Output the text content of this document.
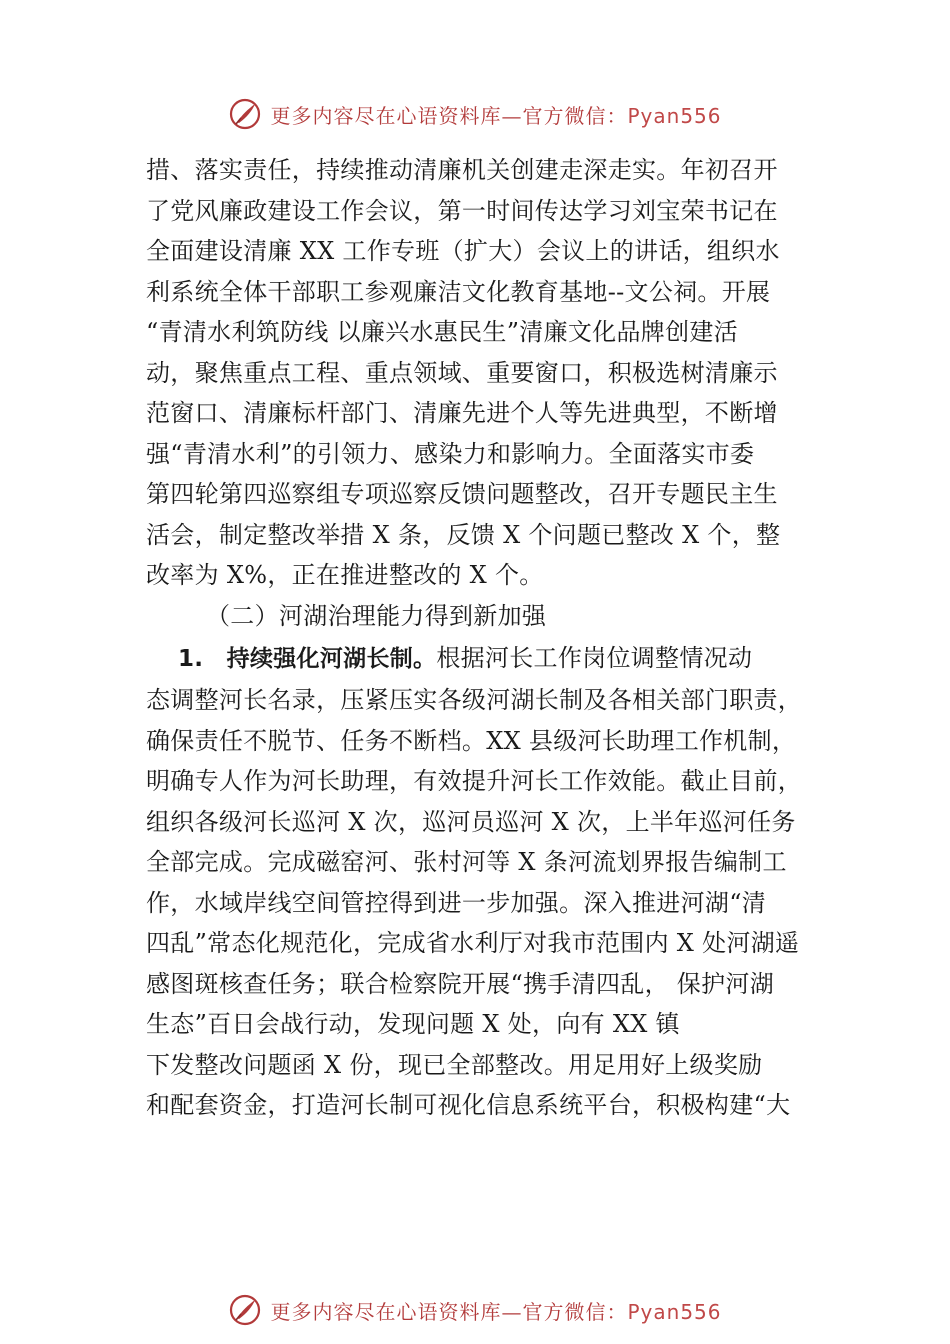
更多内容尽在心语资料库—官方微信：Pyan556
措、落实责任，持续推动清廉机关创建走深走实。年初召开
了党风廉政建设工作会议，第一时间传达学习刘宝荣书记在
全面建设清廉 XX 工作专班（扩大）会议上的讲话，组织水
利系统全体干部职工参观廉洁文化教育基地--文公祠。开展
“青清水利筑防线 以廉兴水惠民生”清廉文化品牌创建活
动，聚焦重点工程、重点领域、重要窗口，积极选树清廉示
范窗口、清廉标杆部门、清廉先进个人等先进典型，不断增
强“青清水利”的引领力、感染力和影响力。全面落实市委
第四轮第四巡察组专项巡察反馈问题整改，召开专题民主生
活会，制定整改举措 X 条，反馈 X 个问题已整改 X 个，整
改率为 X%，正在推进整改的 X 个。
（二）河湖治理能力得到新加强
1.　持续强化河湖长制。根据河长工作岗位调整情况动
态调整河长名录，压紧压实各级河湖长制及各相关部门职责，
确保责任不脱节、任务不断档。XX 县级河长助理工作机制，
明确专人作为河长助理，有效提升河长工作效能。截止目前，
组织各级河长巡河 X 次，巡河员巡河 X 次，上半年巡河任务
全部完成。完成磁窑河、张村河等 X 条河流划界报告编制工
作，水域岸线空间管控得到进一步加强。深入推进河湖“清
四乱”常态化规范化，完成省水利厅对我市范围内 X 处河湖遥
感图斑核查任务；联合检察院开展“携手清四乱， 保护河湖
生态”百日会战行动，发现问题 X 处，向有 XX 镇
下发整改问题函 X 份，现已全部整改。用足用好上级奖励
和配套资金，打造河长制可视化信息系统平台，积极构建“大
更多内容尽在心语资料库—官方微信：Pyan556
